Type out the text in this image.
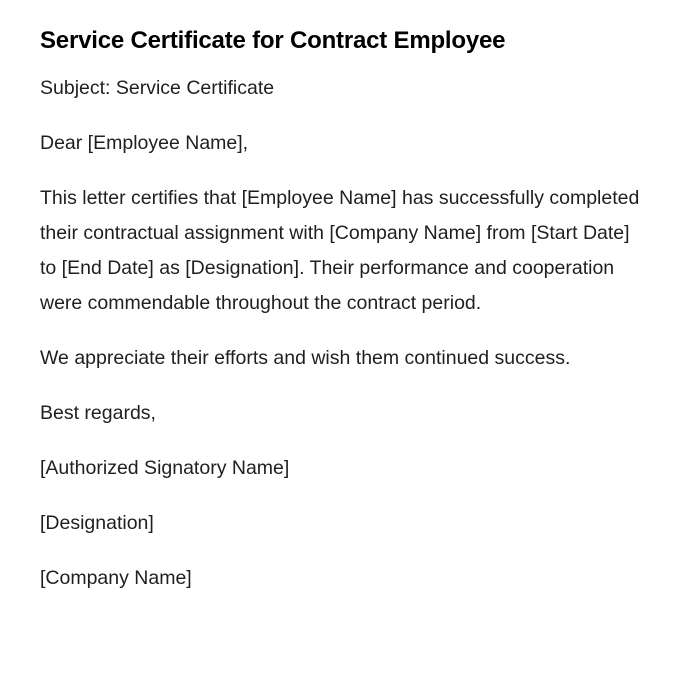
Service Certificate for Contract Employee

Subject: Service Certificate

Dear [Employee Name],

This letter certifies that [Employee Name] has successfully completed their contractual assignment with [Company Name] from [Start Date] to [End Date] as [Designation]. Their performance and cooperation were commendable throughout the contract period.

We appreciate their efforts and wish them continued success.

Best regards,

[Authorized Signatory Name]

[Designation]

[Company Name]
